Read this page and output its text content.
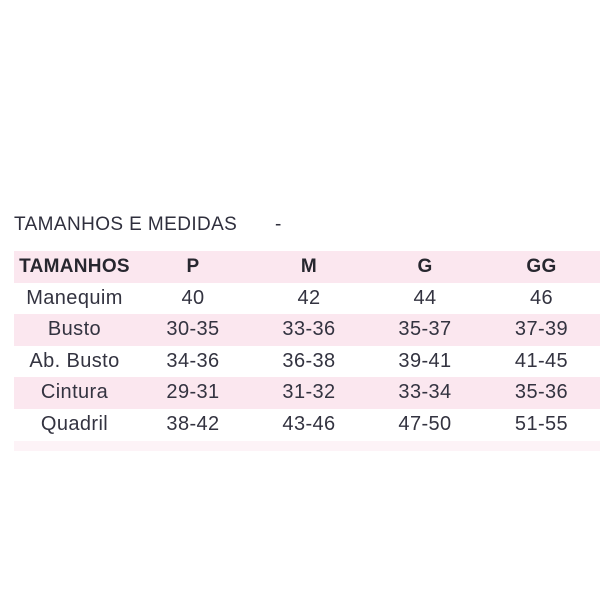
TAMANHOS E MEDIDAS -
TAMANHOS	P	M	G	GG
Manequim	40	42	44	46
Busto	30-35	33-36	35-37	37-39
Ab. Busto	34-36	36-38	39-41	41-45
Cintura	29-31	31-32	33-34	35-36
Quadril	38-42	43-46	47-50	51-55
